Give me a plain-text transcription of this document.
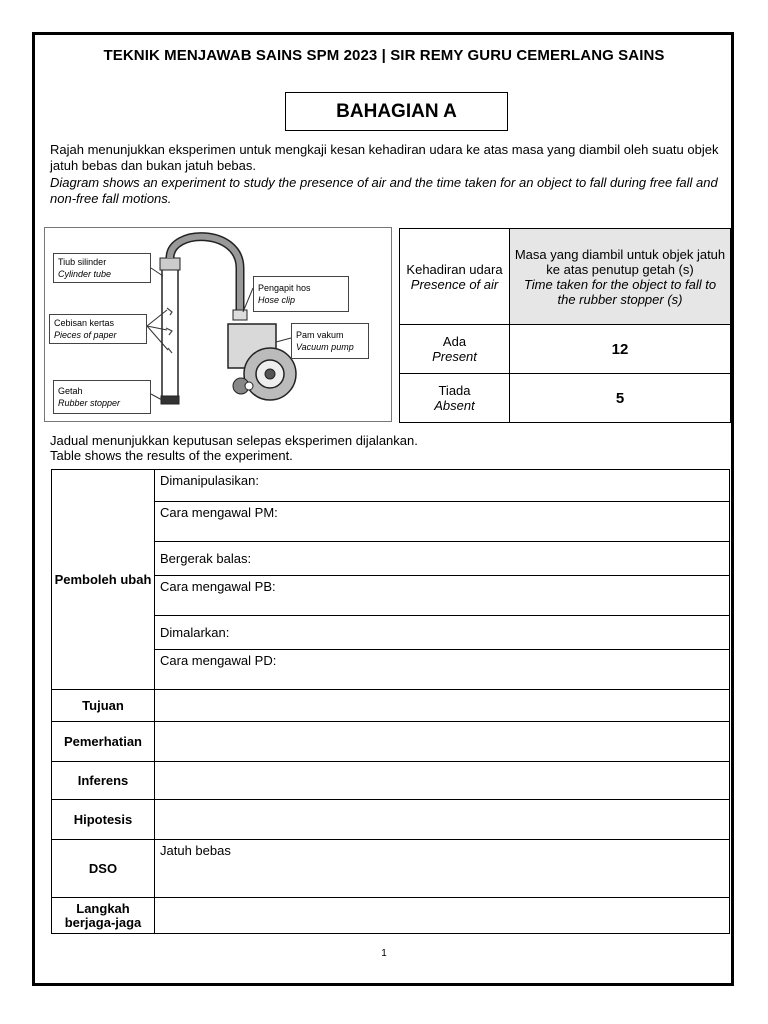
TEKNIK MENJAWAB SAINS SPM 2023 | SIR REMY GURU CEMERLANG SAINS
BAHAGIAN A
Rajah menunjukkan eksperimen untuk mengkaji kesan kehadiran udara ke atas masa yang diambil oleh suatu objek jatuh bebas dan bukan jatuh bebas.
Diagram shows an experiment to study the presence of air and the time taken for an object to fall during free fall and non-free fall motions.
Tiub silinder
Cylinder tube
Pengapit hos
Hose clip
Cebisan kertas
Pieces of paper	Pam vakum
Vacuum pump
Getah
Rubber stopper
Kehadiran udara
Presence of air	Masa yang diambil untuk objek jatuh ke atas penutup getah (s)
Time taken for the object to fall to the rubber stopper (s)

Ada
Present	12
Tiada
Absent	5
Jadual menunjukkan keputusan selepas eksperimen dijalankan.
Table shows the results of the experiment.
Pemboleh ubah	Dimanipulasikan:
	Cara mengawal PM:
	Bergerak balas:
	Cara mengawal PB:
	Dimalarkan:
	Cara mengawal PD:
Tujuan	
Pemerhatian	
Inferens	
Hipotesis	
DSO	Jatuh bebas
Langkah berjaga-jaga	
1
